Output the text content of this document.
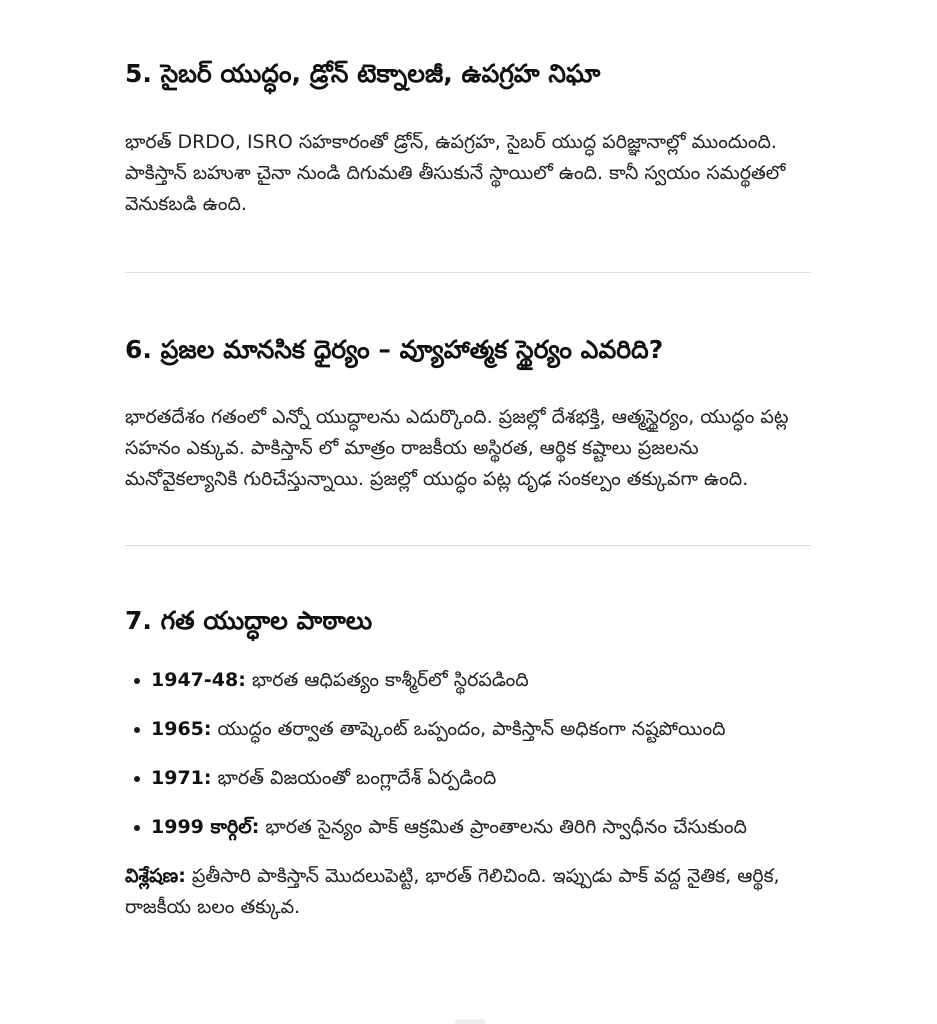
5. సైబర్ యుద్ధం, డ్రోన్ టెక్నాలజీ, ఉపగ్రహ నిఘా

భారత్ DRDO, ISRO సహకారంతో డ్రోన్, ఉపగ్రహ, సైబర్ యుద్ధ పరిజ్ఞానాల్లో ముందుంది. పాకిస్తాన్ బహుశా చైనా నుండి దిగుమతి తీసుకునే స్థాయిలో ఉంది. కానీ స్వయం సమర్థతలో వెనుకబడి ఉంది.

6. ప్రజల మానసిక ధైర్యం – వ్యూహాత్మక స్థైర్యం ఎవరిది?

భారతదేశం గతంలో ఎన్నో యుద్ధాలను ఎదుర్కొంది. ప్రజల్లో దేశభక్తి, ఆత్మస్థైర్యం, యుద్ధం పట్ల సహనం ఎక్కువ. పాకిస్తాన్ లో మాత్రం రాజకీయ అస్థిరత, ఆర్థిక కష్టాలు ప్రజలను మనోవైకల్యానికి గురిచేస్తున్నాయి. ప్రజల్లో యుద్ధం పట్ల దృఢ సంకల్పం తక్కువగా ఉంది.

7. గత యుద్ధాల పాఠాలు
1947-48: భారత ఆధిపత్యం కాశ్మీర్‌లో స్థిరపడింది
1965: యుద్ధం తర్వాత తాష్కెంట్ ఒప్పందం, పాకిస్తాన్ అధికంగా నష్టపోయింది
1971: భారత్ విజయంతో బంగ్లాదేశ్ ఏర్పడింది
1999 కార్గిల్: భారత సైన్యం పాక్ ఆక్రమిత ప్రాంతాలను తిరిగి స్వాధీనం చేసుకుంది

విశ్లేషణ: ప్రతీసారి పాకిస్తాన్ మొదలుపెట్టి, భారత్ గెలిచింది. ఇప్పుడు పాక్ వద్ద నైతిక, ఆర్థిక, రాజకీయ బలం తక్కువ.
